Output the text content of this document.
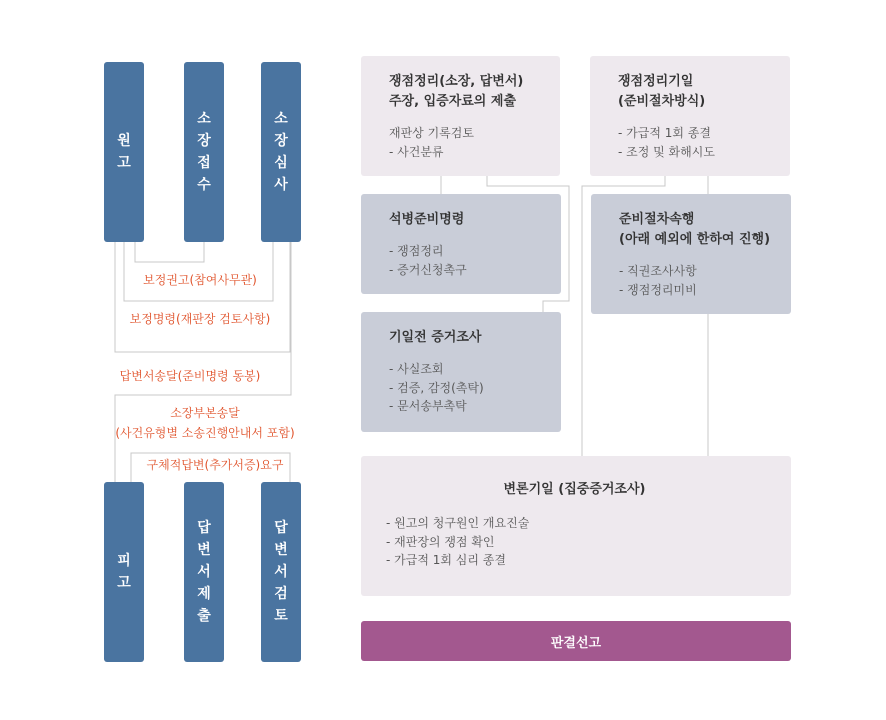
원고
소장접수
소장심사
피고
답변서제출
답변서검토
보정권고(참여사무관)
보정명령(재판장 검토사항)
답변서송달(준비명령 동봉)
소장부본송달
(사건유형별 소송진행안내서 포함)
구체적답변(추가서증)요구
쟁점정리(소장, 답변서)
주장, 입증자료의 제출
재판상 기록검토
- 사건분류
쟁점정리기일
(준비절차방식)
- 가급적 1회 종결
- 조정 및 화해시도
석병준비명령
- 쟁점정리
- 증거신청촉구
준비절차속행
(아래 예외에 한하여 진행)
- 직권조사사항
- 쟁점정리미비
기일전 증거조사
- 사실조회
- 검증, 감정(촉탁)
- 문서송부촉탁
변론기일 (집중증거조사)
- 원고의 청구원인 개요진술
- 재판장의 쟁점 확인
- 가급적 1회 심리 종결
판결선고
